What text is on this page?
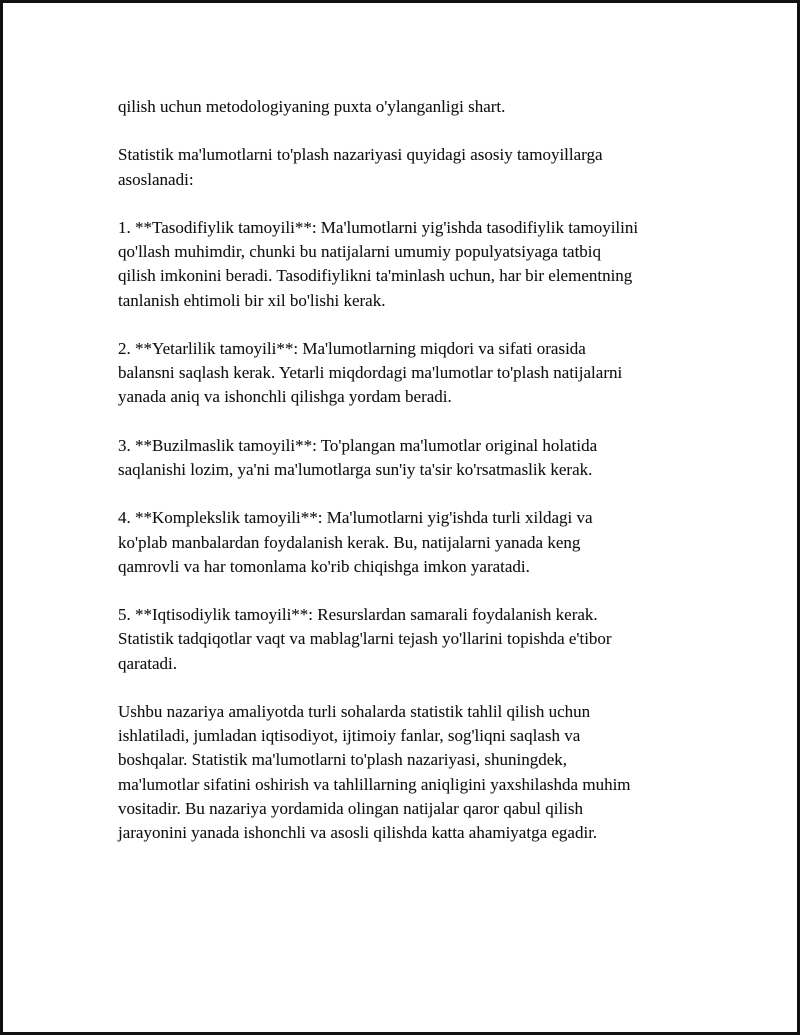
qilish uchun metodologiyaning puxta o'ylanganligi shart.

Statistik ma'lumotlarni to'plash nazariyasi quyidagi asosiy tamoyillarga
asoslanadi:

1. **Tasodifiylik tamoyili**: Ma'lumotlarni yig'ishda tasodifiylik tamoyilini
qo'llash muhimdir, chunki bu natijalarni umumiy populyatsiyaga tatbiq
qilish imkonini beradi. Tasodifiylikni ta'minlash uchun, har bir elementning
tanlanish ehtimoli bir xil bo'lishi kerak.

2. **Yetarlilik tamoyili**: Ma'lumotlarning miqdori va sifati orasida
balansni saqlash kerak. Yetarli miqdordagi ma'lumotlar to'plash natijalarni
yanada aniq va ishonchli qilishga yordam beradi.

3. **Buzilmaslik tamoyili**: To'plangan ma'lumotlar original holatida
saqlanishi lozim, ya'ni ma'lumotlarga sun'iy ta'sir ko'rsatmaslik kerak.

4. **Komplekslik tamoyili**: Ma'lumotlarni yig'ishda turli xildagi va
ko'plab manbalardan foydalanish kerak. Bu, natijalarni yanada keng
qamrovli va har tomonlama ko'rib chiqishga imkon yaratadi.

5. **Iqtisodiylik tamoyili**: Resurslardan samarali foydalanish kerak.
Statistik tadqiqotlar vaqt va mablag'larni tejash yo'llarini topishda e'tibor
qaratadi.

Ushbu nazariya amaliyotda turli sohalarda statistik tahlil qilish uchun
ishlatiladi, jumladan iqtisodiyot, ijtimoiy fanlar, sog'liqni saqlash va
boshqalar. Statistik ma'lumotlarni to'plash nazariyasi, shuningdek,
ma'lumotlar sifatini oshirish va tahlillarning aniqligini yaxshilashda muhim
vositadir. Bu nazariya yordamida olingan natijalar qaror qabul qilish
jarayonini yanada ishonchli va asosli qilishda katta ahamiyatga egadir.
